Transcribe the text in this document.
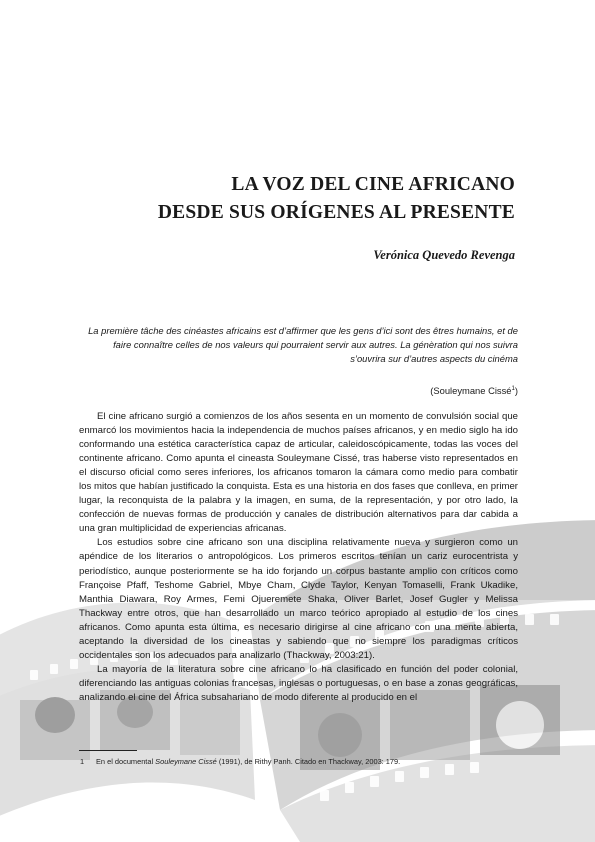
LA VOZ DEL CINE AFRICANO
DESDE SUS ORÍGENES AL PRESENTE
Verónica Quevedo Revenga
La première tâche des cinéastes africains est d’affirmer que les gens d’ici sont des êtres humains, et de faire connaître celles de nos valeurs qui pourraient servir aux autres. La génèration qui nos suivra s’ouvrira sur d’autres aspects du cinéma
(Souleymane Cissé$^1$)

El cine africano surgió a comienzos de los años sesenta en un momento de convulsión social que enmarcó los movimientos hacia la independencia de muchos países africanos, y en medio siglo ha ido conformando una estética característica capaz de articular, caleidoscópicamente, todas las voces del continente africano. Como apunta el cineasta Souleymane Cissé, tras haberse visto representados en el discurso oficial como seres inferiores, los africanos tomaron la cámara como medio para combatir los mitos que habían justificado la conquista. Esta es una historia en dos fases que conlleva, en primer lugar, la reconquista de la palabra y la imagen, en suma, de la representación, y por otro lado, la confección de nuevas formas de producción y canales de distribución alternativos para dar cabida a una gran multiplicidad de experiencias africanas.

Los estudios sobre cine africano son una disciplina relativamente nueva y surgieron como un apéndice de los literarios o antropológicos. Los primeros escritos tenían un cariz eurocentrista y periodístico, aunque posteriormente se ha ido forjando un corpus bastante amplio con críticos como Françoise Pfaff, Teshome Gabriel, Mbye Cham, Clyde Taylor, Kenyan Tomaselli, Frank Ukadike, Manthia Diawara, Roy Armes, Femi Ojueremete Shaka, Oliver Barlet, Josef Gugler y Melissa Thackway entre otros, que han desarrollado un marco teórico apropiado al estudio de los cines africanos. Como apunta esta última, es necesario dirigirse al cine africano con una mente abierta, aceptando la diversidad de los cineastas y sabiendo que no siempre los paradigmas críticos occidentales son los adecuados para analizarlo (Thackway, 2003:21).

La mayoría de la literatura sobre cine africano lo ha clasificado en función del poder colonial, diferenciando las antiguas colonias francesas, inglesas o portuguesas, o en base a zonas geográficas, analizando el cine del África subsahariano de modo diferente al producido en el

1 En el documental Souleymane Cissé (1991), de Rithy Panh. Citado en Thackway, 2003: 179.
